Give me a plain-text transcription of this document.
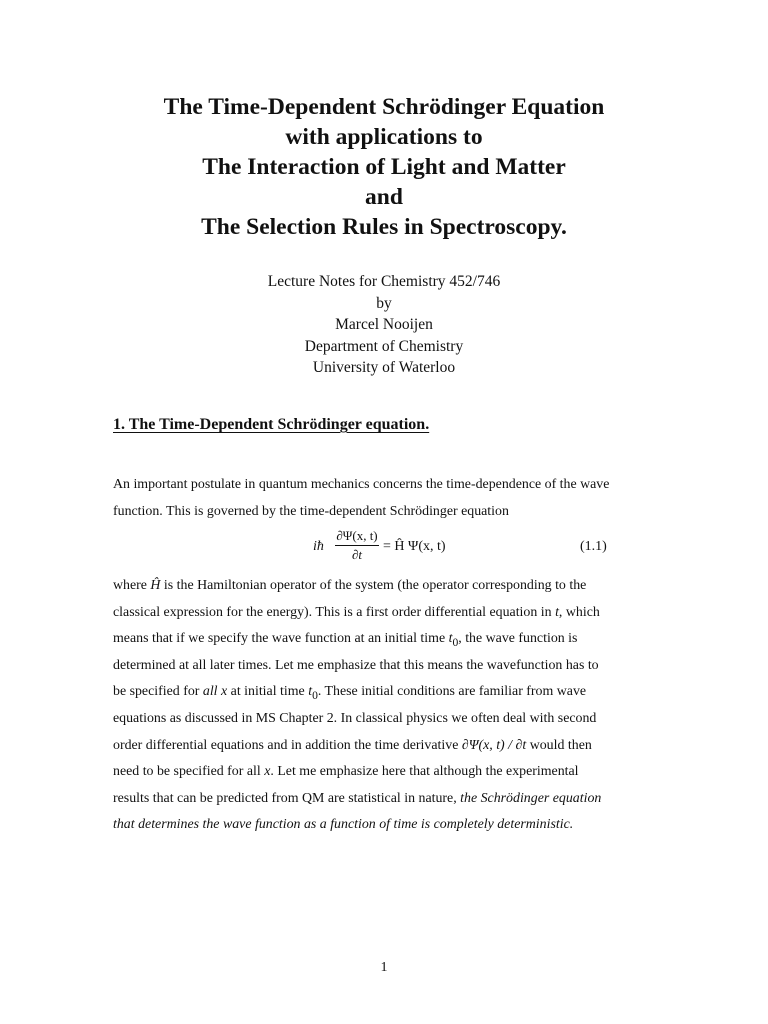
The Time-Dependent Schrödinger Equation
with applications to
The Interaction of Light and Matter
and
The Selection Rules in Spectroscopy.
Lecture Notes for Chemistry 452/746
by
Marcel Nooijen
Department of Chemistry
University of Waterloo
1. The Time-Dependent Schrödinger equation.
An important postulate in quantum mechanics concerns the time-dependence of the wave
function. This is governed by the time-dependent Schrödinger equation
iħ
∂Ψ(x, t)
∂t
= Ĥ Ψ(x, t)	(1.1)
where Ĥ is the Hamiltonian operator of the system (the operator corresponding to the
classical expression for the energy). This is a first order differential equation in t, which
means that if we specify the wave function at an initial time $t_0$, the wave function is
determined at all later times. Let me emphasize that this means the wavefunction has to
be specified for all x at initial time $t_0$. These initial conditions are familiar from wave
equations as discussed in MS Chapter 2. In classical physics we often deal with second
order differential equations and in addition the time derivative ∂Ψ(x, t) / ∂t would then
need to be specified for all x. Let me emphasize here that although the experimental
results that can be predicted from QM are statistical in nature, the Schrödinger equation
that determines the wave function as a function of time is completely deterministic.
1
